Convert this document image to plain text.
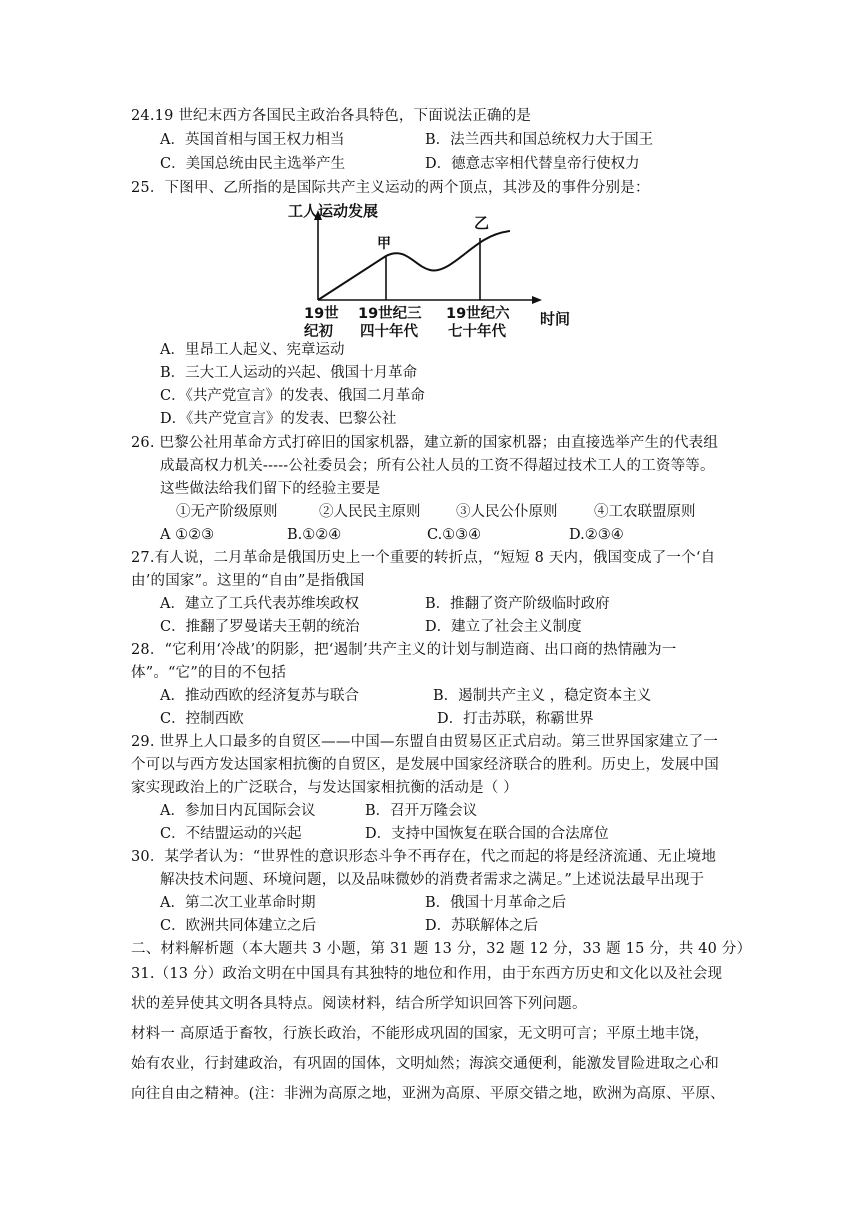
24.19 世纪末西方各国民主政治各具特色，下面说法正确的是
A．英国首相与国王权力相当	B．法兰西共和国总统权力大于国王
C．美国总统由民主选举产生	D．德意志宰相代替皇帝行使权力
25．下图甲、乙所指的是国际共产主义运动的两个顶点，其涉及的事件分别是：
工人运动发展
甲
乙
时间
19世
纪初
19世纪三
四十年代
19世纪六
七十年代
A．里昂工人起义、宪章运动
B．三大工人运动的兴起、俄国十月革命
C．《共产党宣言》的发表、俄国二月革命
D．《共产党宣言》的发表、巴黎公社
26. 巴黎公社用革命方式打碎旧的国家机器，建立新的国家机器；由直接选举产生的代表组
成最高权力机关-----公社委员会；所有公社人员的工资不得超过技术工人的工资等等。
这些做法给我们留下的经验主要是
①无产阶级原则	②人民民主原则 ③人民公仆原则	④工农联盟原则
A ①②③	B.①②④	C.①③④	D.②③④
27.有人说，二月革命是俄国历史上一个重要的转折点，“短短 8 天内，俄国变成了一个‘自
由’的国家”。这里的“自由”是指俄国
A．建立了工兵代表苏维埃政权	B．推翻了资产阶级临时政府
C．推翻了罗曼诺夫王朝的统治	D．建立了社会主义制度
28．“它利用‘冷战’的阴影，把‘遏制’共产主义的计划与制造商、出口商的热情融为一
体”。“它”的目的不包括
A．推动西欧的经济复苏与联合	B．遏制共产主义 ，稳定资本主义
C．控制西欧	D．打击苏联，称霸世界
29. 世界上人口最多的自贸区——中国—东盟自由贸易区正式启动。第三世界国家建立了一
个可以与西方发达国家相抗衡的自贸区，是发展中国家经济联合的胜利。历史上，发展中国
家实现政治上的广泛联合，与发达国家相抗衡的活动是（ ）
A．参加日内瓦国际会议	B．召开万隆会议
C．不结盟运动的兴起	D．支持中国恢复在联合国的合法席位
30．某学者认为：“世界性的意识形态斗争不再存在，代之而起的将是经济流通、无止境地
解决技术问题、环境问题，以及品味微妙的消费者需求之满足。”上述说法最早出现于
A．第二次工业革命时期	B．俄国十月革命之后
C．欧洲共同体建立之后	D．苏联解体之后
二、材料解析题（本大题共 3 小题，第 31 题 13 分，32 题 12 分，33 题 15 分，共 40 分）
31.（13 分）政治文明在中国具有其独特的地位和作用，由于东西方历史和文化以及社会现
状的差异使其文明各具特点。阅读材料，结合所学知识回答下列问题。
材料一 高原适于畜牧，行族长政治，不能形成巩固的国家，无文明可言；平原土地丰饶，
始有农业，行封建政治，有巩固的国体，文明灿然；海滨交通便利，能激发冒险进取之心和
向往自由之精神。(注：非洲为高原之地，亚洲为高原、平原交错之地，欧洲为高原、平原、
